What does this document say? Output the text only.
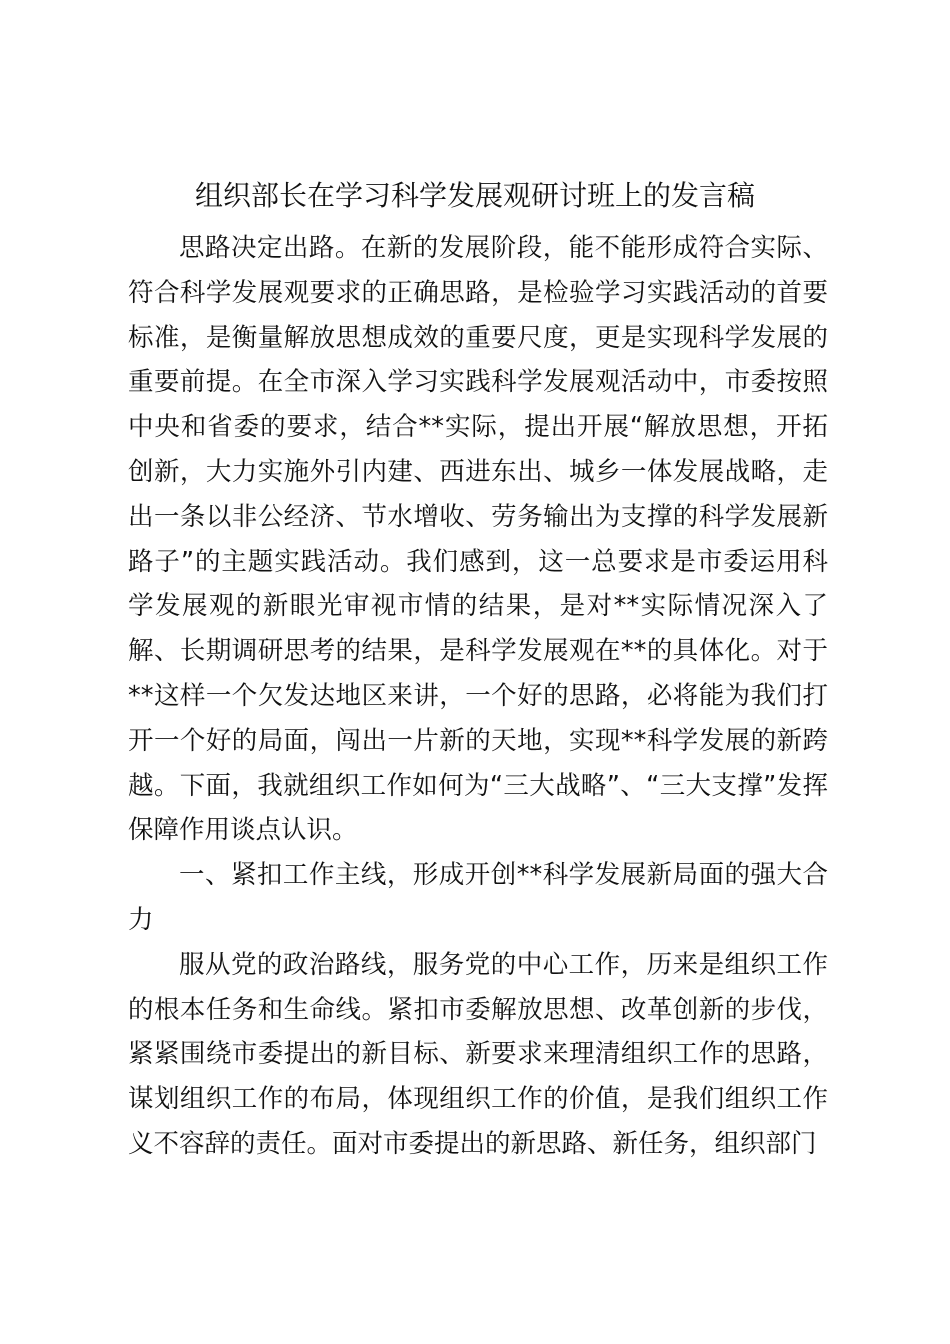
组织部长在学习科学发展观研讨班上的发言稿

思路决定出路。在新的发展阶段，能不能形成符合实际、符合科学发展观要求的正确思路，是检验学习实践活动的首要标准，是衡量解放思想成效的重要尺度，更是实现科学发展的重要前提。在全市深入学习实践科学发展观活动中，市委按照中央和省委的要求，结合**实际，提出开展“解放思想，开拓创新，大力实施外引内建、西进东出、城乡一体发展战略，走出一条以非公经济、节水增收、劳务输出为支撑的科学发展新路子”的主题实践活动。我们感到，这一总要求是市委运用科学发展观的新眼光审视市情的结果，是对**实际情况深入了解、长期调研思考的结果，是科学发展观在**的具体化。对于**这样一个欠发达地区来讲，一个好的思路，必将能为我们打开一个好的局面，闯出一片新的天地，实现**科学发展的新跨越。下面，我就组织工作如何为“三大战略”、“三大支撑”发挥保障作用谈点认识。

一、紧扣工作主线，形成开创**科学发展新局面的强大合力

服从党的政治路线，服务党的中心工作，历来是组织工作的根本任务和生命线。紧扣市委解放思想、改革创新的步伐，紧紧围绕市委提出的新目标、新要求来理清组织工作的思路，谋划组织工作的布局，体现组织工作的价值，是我们组织工作义不容辞的责任。面对市委提出的新思路、新任务，组织部门
